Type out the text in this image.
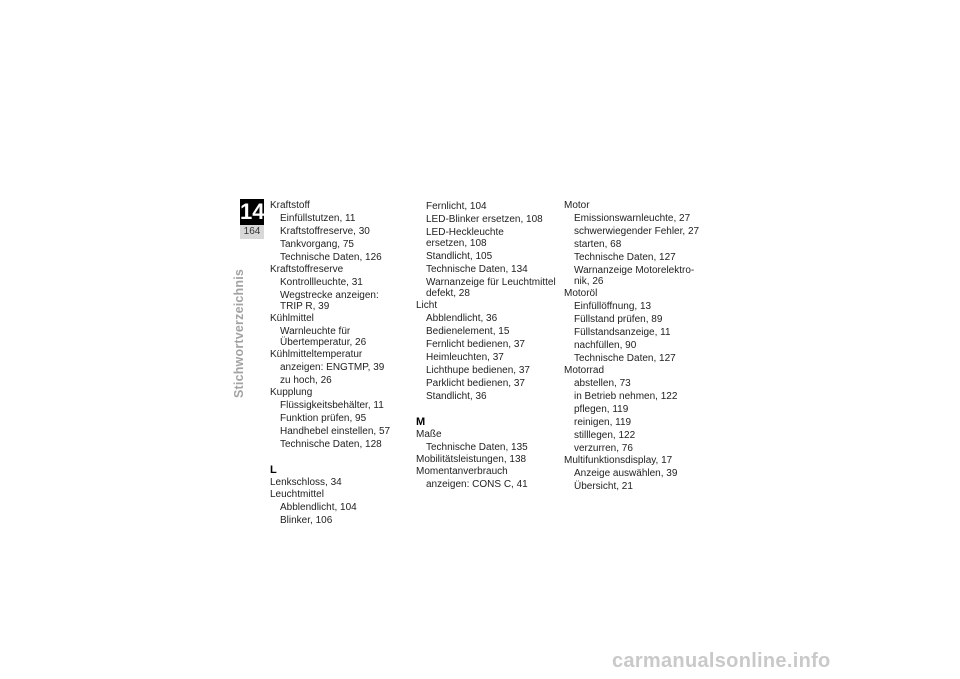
14
164
Stichwortverzeichnis
Kraftstoff
Einfüllstutzen, 11
Kraftstoffreserve, 30
Tankvorgang, 75
Technische Daten, 126
Kraftstoffreserve
Kontrollleuchte, 31
Wegstrecke anzeigen:
TRIP R, 39
Kühlmittel
Warnleuchte für
Übertemperatur, 26
Kühlmitteltemperatur
anzeigen: ENGTMP, 39
zu hoch, 26
Kupplung
Flüssigkeitsbehälter, 11
Funktion prüfen, 95
Handhebel einstellen, 57
Technische Daten, 128
L
Lenkschloss, 34
Leuchtmittel
Abblendlicht, 104
Blinker, 106
Fernlicht, 104
LED-Blinker ersetzen, 108
LED-Heckleuchte
ersetzen, 108
Standlicht, 105
Technische Daten, 134
Warnanzeige für Leuchtmittel
defekt, 28
Licht
Abblendlicht, 36
Bedienelement, 15
Fernlicht bedienen, 37
Heimleuchten, 37
Lichthupe bedienen, 37
Parklicht bedienen, 37
Standlicht, 36
M
Maße
Technische Daten, 135
Mobilitätsleistungen, 138
Momentanverbrauch
anzeigen: CONS C, 41
Motor
Emissionswarnleuchte, 27
schwerwiegender Fehler, 27
starten, 68
Technische Daten, 127
Warnanzeige Motorelektro-
nik, 26
Motoröl
Einfüllöffnung, 13
Füllstand prüfen, 89
Füllstandsanzeige, 11
nachfüllen, 90
Technische Daten, 127
Motorrad
abstellen, 73
in Betrieb nehmen, 122
pflegen, 119
reinigen, 119
stilllegen, 122
verzurren, 76
Multifunktionsdisplay, 17
Anzeige auswählen, 39
Übersicht, 21
carmanualsonline.info
